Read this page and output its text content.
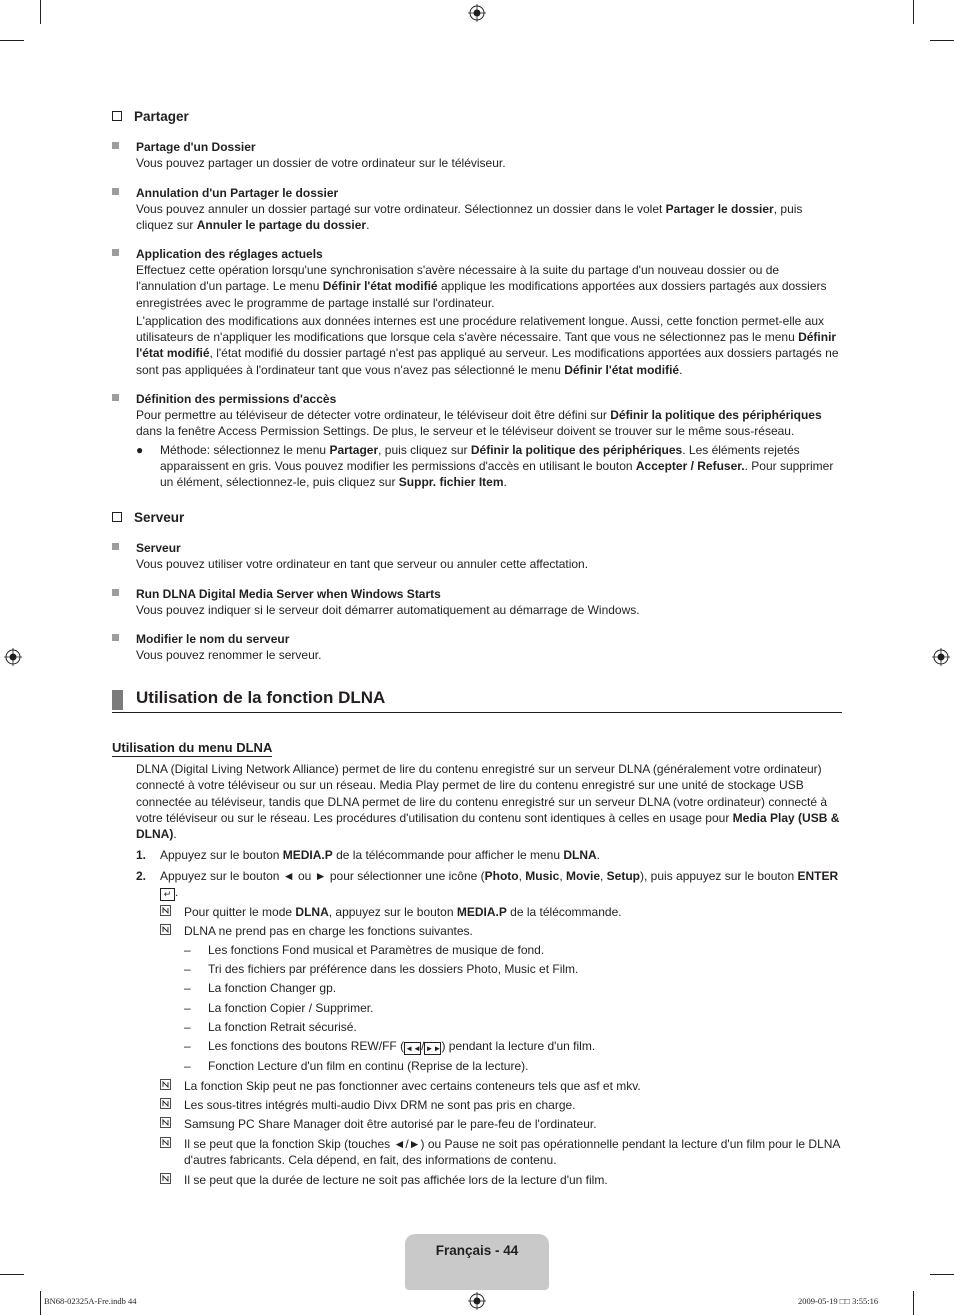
Partager
Partage d'un Dossier
Vous pouvez partager un dossier de votre ordinateur sur le téléviseur.
Annulation d'un Partager le dossier
Vous pouvez annuler un dossier partagé sur votre ordinateur. Sélectionnez un dossier dans le volet Partager le dossier, puis cliquez sur Annuler le partage du dossier.
Application des réglages actuels
Effectuez cette opération lorsqu'une synchronisation s'avère nécessaire à la suite du partage d'un nouveau dossier ou de l'annulation d'un partage. Le menu Définir l'état modifié applique les modifications apportées aux dossiers partagés aux dossiers enregistrées avec le programme de partage installé sur l'ordinateur.
L'application des modifications aux données internes est une procédure relativement longue. Aussi, cette fonction permet-elle aux utilisateurs de n'appliquer les modifications que lorsque cela s'avère nécessaire. Tant que vous ne sélectionnez pas le menu Définir l'état modifié, l'état modifié du dossier partagé n'est pas appliqué au serveur. Les modifications apportées aux dossiers partagés ne sont pas appliquées à l'ordinateur tant que vous n'avez pas sélectionné le menu Définir l'état modifié.
Définition des permissions d'accès
Pour permettre au téléviseur de détecter votre ordinateur, le téléviseur doit être défini sur Définir la politique des périphériques dans la fenêtre Access Permission Settings. De plus, le serveur et le téléviseur doivent se trouver sur le même sous-réseau.
● Méthode: sélectionnez le menu Partager, puis cliquez sur Définir la politique des périphériques. Les éléments rejetés apparaissent en gris. Vous pouvez modifier les permissions d'accès en utilisant le bouton Accepter / Refuser.. Pour supprimer un élément, sélectionnez-le, puis cliquez sur Suppr. fichier Item.
Serveur
Serveur
Vous pouvez utiliser votre ordinateur en tant que serveur ou annuler cette affectation.
Run DLNA Digital Media Server when Windows Starts
Vous pouvez indiquer si le serveur doit démarrer automatiquement au démarrage de Windows.
Modifier le nom du serveur
Vous pouvez renommer le serveur.
Utilisation de la fonction DLNA
Utilisation du menu DLNA
DLNA (Digital Living Network Alliance) permet de lire du contenu enregistré sur un serveur DLNA (généralement votre ordinateur) connecté à votre téléviseur ou sur un réseau. Media Play permet de lire du contenu enregistré sur une unité de stockage USB connectée au téléviseur, tandis que DLNA permet de lire du contenu enregistré sur un serveur DLNA (votre ordinateur) connecté à votre téléviseur ou sur le réseau. Les procédures d'utilisation du contenu sont identiques à celles en usage pour Media Play (USB & DLNA).
1. Appuyez sur le bouton MEDIA.P de la télécommande pour afficher le menu DLNA.
2. Appuyez sur le bouton ◄ ou ► pour sélectionner une icône (Photo, Music, Movie, Setup), puis appuyez sur le bouton ENTER ↵ .
Pour quitter le mode DLNA, appuyez sur le bouton MEDIA.P de la télécommande.
DLNA ne prend pas en charge les fonctions suivantes.
– Les fonctions Fond musical et Paramètres de musique de fond.
– Tri des fichiers par préférence dans les dossiers Photo, Music et Film.
– La fonction Changer gp.
– La fonction Copier / Supprimer.
– La fonction Retrait sécurisé.
– Les fonctions des boutons REW/FF (◄◄/►►) pendant la lecture d'un film.
– Fonction Lecture d'un film en continu (Reprise de la lecture).
La fonction Skip peut ne pas fonctionner avec certains conteneurs tels que asf et mkv.
Les sous-titres intégrés multi-audio Divx DRM ne sont pas pris en charge.
Samsung PC Share Manager doit être autorisé par le pare-feu de l'ordinateur.
Il se peut que la fonction Skip (touches ◄/►) ou Pause ne soit pas opérationnelle pendant la lecture d'un film pour le DLNA d'autres fabricants. Cela dépend, en fait, des informations de contenu.
Il se peut que la durée de lecture ne soit pas affichée lors de la lecture d'un film.
Français - 44
BN68-02325A-Fre.indb 44	2009-05-19 □□ 3:55:16
